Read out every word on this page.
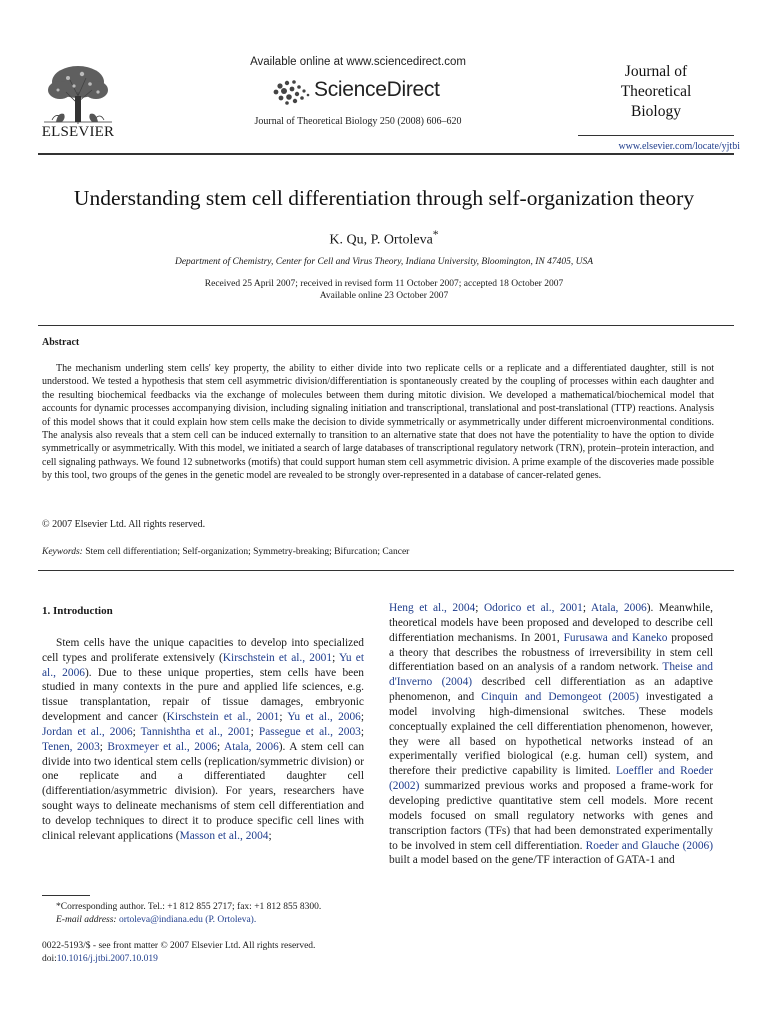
ELSEVIER
Available online at www.sciencedirect.com
ScienceDirect
Journal of Theoretical Biology 250 (2008) 606–620
Journal of
Theoretical
Biology
www.elsevier.com/locate/yjtbi
Understanding stem cell differentiation through self-organization theory
K. Qu, P. Ortoleva*
Department of Chemistry, Center for Cell and Virus Theory, Indiana University, Bloomington, IN 47405, USA
Received 25 April 2007; received in revised form 11 October 2007; accepted 18 October 2007
Available online 23 October 2007
Abstract
The mechanism underling stem cells' key property, the ability to either divide into two replicate cells or a replicate and a differentiated daughter, still is not understood. We tested a hypothesis that stem cell asymmetric division/differentiation is spontaneously created by the coupling of processes within each daughter and the resulting biochemical feedbacks via the exchange of molecules between them during mitotic division. We developed a mathematical/biochemical model that accounts for dynamic processes accompanying division, including signaling initiation and transcriptional, translational and post-translational (TTP) reactions. Analysis of this model shows that it could explain how stem cells make the decision to divide symmetrically or asymmetrically under different microenvironmental conditions. The analysis also reveals that a stem cell can be induced externally to transition to an alternative state that does not have the potentiality to have the option to divide symmetrically or asymmetrically. With this model, we initiated a search of large databases of transcriptional regulatory network (TRN), protein–protein interaction, and cell signaling pathways. We found 12 subnetworks (motifs) that could support human stem cell asymmetric division. A prime example of the discoveries made possible by this tool, two groups of the genes in the genetic model are revealed to be strongly over-represented in a database of cancer-related genes.
© 2007 Elsevier Ltd. All rights reserved.
Keywords: Stem cell differentiation; Self-organization; Symmetry-breaking; Bifurcation; Cancer
1. Introduction
Stem cells have the unique capacities to develop into specialized cell types and proliferate extensively (Kirschstein et al., 2001; Yu et al., 2006). Due to these unique properties, stem cells have been studied in many contexts in the pure and applied life sciences, e.g. tissue transplantation, repair of tissue damages, embryonic development and cancer (Kirschstein et al., 2001; Yu et al., 2006; Jordan et al., 2006; Tannishtha et al., 2001; Passegue et al., 2003; Tenen, 2003; Broxmeyer et al., 2006; Atala, 2006). A stem cell can divide into two identical stem cells (replication/symmetric division) or one replicate and a differentiated daughter cell (differentiation/asymmetric division). For years, researchers have sought ways to delineate mechanisms of stem cell differentiation and to develop techniques to direct it to produce specific cell lines with clinical relevant applications (Masson et al., 2004;
Heng et al., 2004; Odorico et al., 2001; Atala, 2006). Meanwhile, theoretical models have been proposed and developed to describe cell differentiation mechanisms. In 2001, Furusawa and Kaneko proposed a theory that describes the robustness of irreversibility in stem cell differentiation based on an analysis of a random network. Theise and d'Inverno (2004) described cell differentiation as an adaptive phenomenon, and Cinquin and Demongeot (2005) investigated a model involving high-dimensional switches. These models conceptually explained the cell differentiation phenomenon, however, they were all based on hypothetical networks instead of an experimentally verified biological (e.g. human cell) system, and therefore their predictive capability is limited. Loeffler and Roeder (2002) summarized previous works and proposed a frame-work for developing predictive quantitative stem cell models. More recent models focused on small regulatory networks with genes and transcription factors (TFs) that had been demonstrated experimentally to be involved in stem cell differentiation. Roeder and Glauche (2006) built a model based on the gene/TF interaction of GATA-1 and
*Corresponding author. Tel.: +1 812 855 2717; fax: +1 812 855 8300.
E-mail address: ortoleva@indiana.edu (P. Ortoleva).
0022-5193/$ - see front matter © 2007 Elsevier Ltd. All rights reserved.
doi:10.1016/j.jtbi.2007.10.019
